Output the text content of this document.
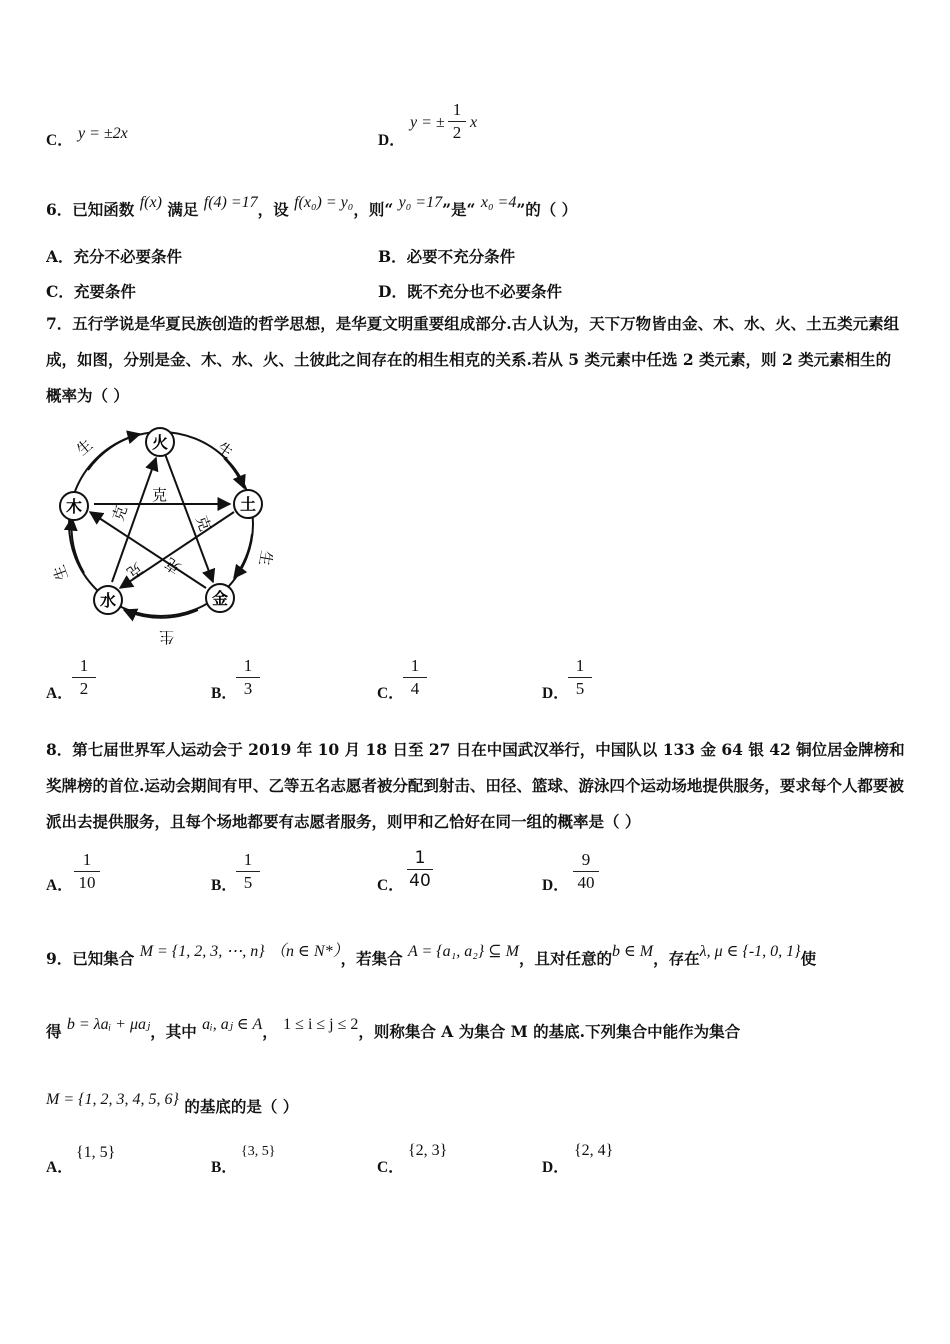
C． y = ±2x	D．
y = ±
1
2
x
6．已知函数 f(x) 满足 f(4) =17，设 f(x₀) = y₀，则“ y₀ =17”是“ x₀ =4”的（ ）
A．充分不必要条件	B．必要不充分条件
C．充要条件	D．既不充分也不必要条件
7．五行学说是华夏民族创造的哲学思想，是华夏文明重要组成部分.古人认为，天下万物皆由金、木、水、火、土五类元素组成，如图，分别是金、木、水、火、土彼此之间存在的相生相克的关系.若从 5 类元素中任选 2 类元素，则 2 类元素相生的概率为（ ）
火
土
金
水
木
生
生
生
生
生
克
克
克
克
克
A．
1
2	B．
1
3	C．
1
4	D．
1
5
8．第七届世界军人运动会于 2019 年 10 月 18 日至 27 日在中国武汉举行，中国队以 133 金 64 银 42 铜位居金牌榜和奖牌榜的首位.运动会期间有甲、乙等五名志愿者被分配到射击、田径、篮球、游泳四个运动场地提供服务，要求每个人都要被派出去提供服务，且每个场地都要有志愿者服务，则甲和乙恰好在同一组的概率是（ ）
A．
1
10	B．
1
5	C．
1
40	D．
9
40
9．已知集合 M = {1, 2, 3, ⋯, n} （n ∈ N*），若集合 A = {a₁, a₂} ⊆ M，且对任意的b ∈ M，存在λ, μ ∈ {-1, 0, 1}使
得 b = λaᵢ + μaⱼ，其中 aᵢ, aⱼ ∈ A， 1 ≤ i ≤ j ≤ 2，则称集合 A 为集合 M 的基底.下列集合中能作为集合
M = {1, 2, 3, 4, 5, 6} 的基底的是（ ）
A．
{1, 5}
B．
{3, 5}
C．
{2, 3}
D．
{2, 4}
